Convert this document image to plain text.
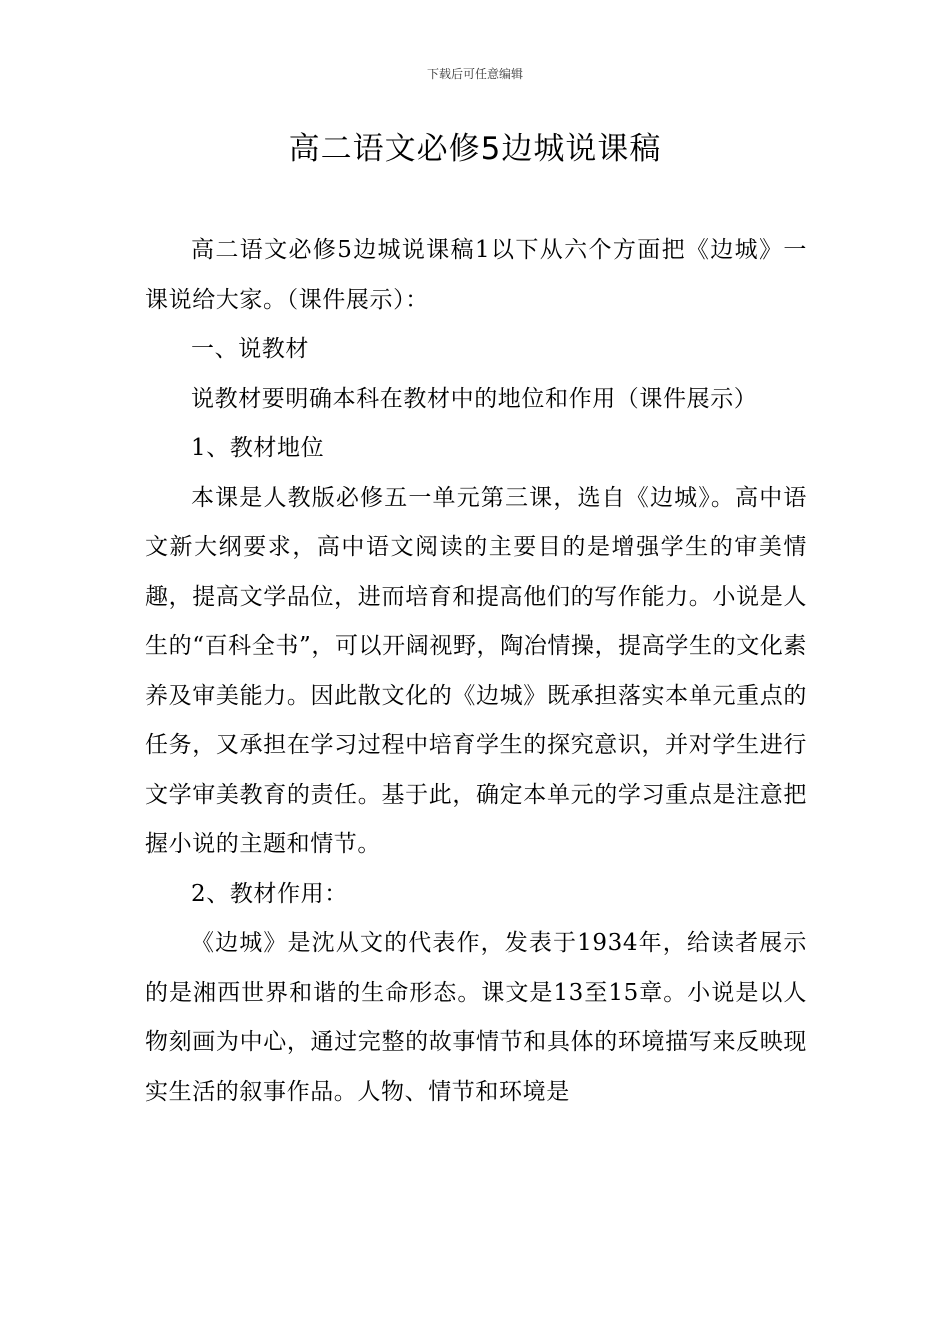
下载后可任意编辑
高二语文必修5边城说课稿

高二语文必修5边城说课稿1以下从六个方面把《边城》一课说给大家。（课件展示）：

一、说教材

说教材要明确本科在教材中的地位和作用（课件展示）

1、教材地位

本课是人教版必修五一单元第三课，选自《边城》。高中语文新大纲要求，高中语文阅读的主要目的是增强学生的审美情趣，提高文学品位，进而培育和提高他们的写作能力。小说是人生的“百科全书”，可以开阔视野，陶冶情操，提高学生的文化素养及审美能力。因此散文化的《边城》既承担落实本单元重点的任务，又承担在学习过程中培育学生的探究意识，并对学生进行文学审美教育的责任。基于此，确定本单元的学习重点是注意把握小说的主题和情节。

2、教材作用：

《边城》是沈从文的代表作，发表于1934年，给读者展示的是湘西世界和谐的生命形态。课文是13至15章。小说是以人物刻画为中心，通过完整的故事情节和具体的环境描写来反映现实生活的叙事作品。人物、情节和环境是
